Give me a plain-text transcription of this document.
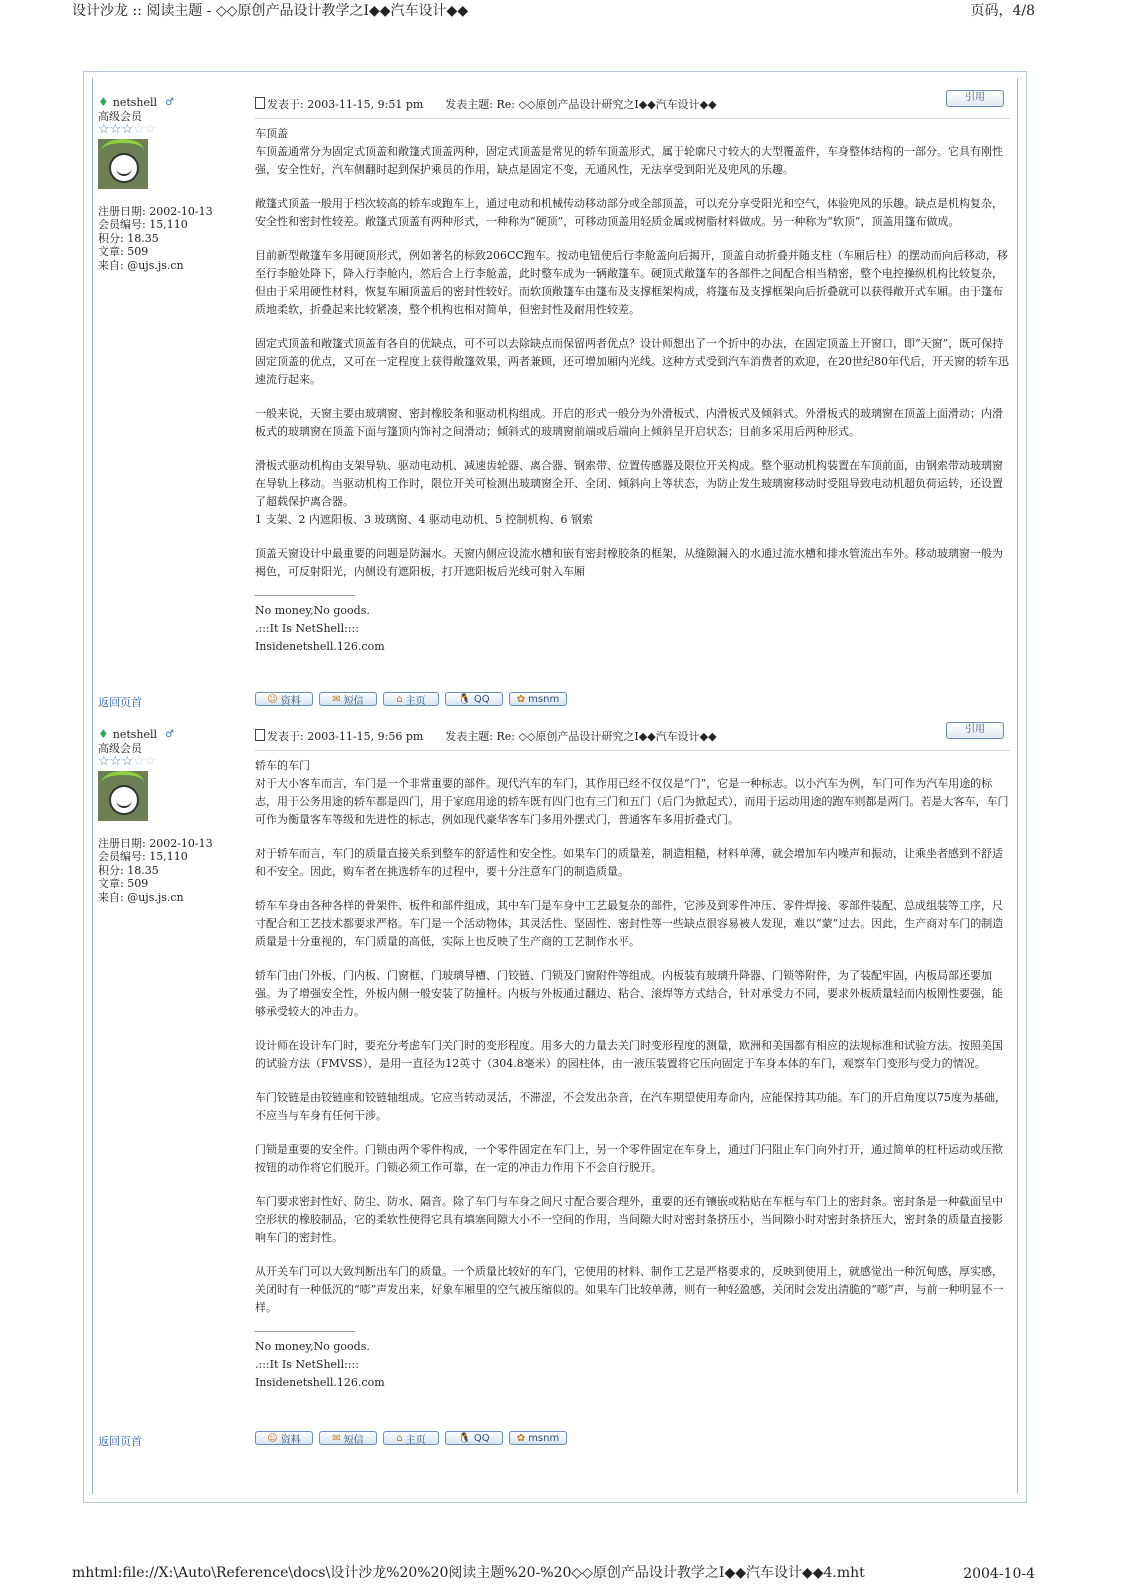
设计沙龙 :: 阅读主题 - ◇◇原创产品设计教学之Ⅰ◆◆汽车设计◆◆	页码，4/8
♦ netshell ♂
高级会员
☆☆☆☆☆
注册日期: 2002-10-13
会员编号: 15,110
积分: 18.35
文章: 509
来自: @ujs.js.cn
发表于: 2003-11-15, 9:51 pm 发表主题: Re: ◇◇原创产品设计研究之Ⅰ◆◆汽车设计◆◆
引用

车顶盖

车顶盖通常分为固定式顶盖和敞篷式顶盖两种，固定式顶盖是常见的轿车顶盖形式，属于轮廓尺寸较大的大型覆盖件，车身整体结构的一部分。它具有刚性强，安全性好，汽车侧翻时起到保护乘员的作用，缺点是固定不变，无通风性，无法享受到阳光及兜风的乐趣。

敞篷式顶盖一般用于档次较高的轿车或跑车上，通过电动和机械传动移动部分或全部顶盖，可以充分享受阳光和空气，体验兜风的乐趣。缺点是机构复杂，安全性和密封性较差。敞篷式顶盖有两种形式，一种称为“硬顶”，可移动顶盖用轻质金属或树脂材料做成。另一种称为“软顶”，顶盖用篷布做成。

目前新型敞篷车多用硬顶形式，例如著名的标致206CC跑车。按动电钮使后行李舱盖向后揭开，顶盖自动折叠并随支柱（车厢后柱）的摆动而向后移动，移至行李舱处降下，降入行李舱内，然后合上行李舱盖，此时整车成为一辆敞篷车。硬顶式敞篷车的各部件之间配合相当精密，整个电控操纵机构比较复杂，但由于采用硬性材料，恢复车厢顶盖后的密封性较好。而软顶敞篷车由篷布及支撑框架构成，将篷布及支撑框架向后折叠就可以获得敞开式车厢。由于篷布质地柔软，折叠起来比较紧凑，整个机构也相对简单，但密封性及耐用性较差。

固定式顶盖和敞篷式顶盖有各自的优缺点，可不可以去除缺点而保留两者优点？设计师想出了一个折中的办法，在固定顶盖上开窗口，即“天窗”，既可保持固定顶盖的优点，又可在一定程度上获得敞篷效果，两者兼顾，还可增加厢内光线。这种方式受到汽车消费者的欢迎，在20世纪80年代后，开天窗的轿车迅速流行起来。

一般来说，天窗主要由玻璃窗、密封橡胶条和驱动机构组成。开启的形式一般分为外滑板式、内滑板式及倾斜式。外滑板式的玻璃窗在顶盖上面滑动；内滑板式的玻璃窗在顶盖下面与篷顶内饰衬之间滑动；倾斜式的玻璃窗前端或后端向上倾斜呈开启状态；目前多采用后两种形式。

滑板式驱动机构由支架导轨、驱动电动机、减速齿轮器、离合器、钢索带、位置传感器及限位开关构成。整个驱动机构装置在车顶前面，由钢索带动玻璃窗在导轨上移动。当驱动机构工作时，限位开关可检测出玻璃窗全开、全闭、倾斜向上等状态，为防止发生玻璃窗移动时受阻导致电动机超负荷运转，还设置了超载保护离合器。
1 支架、2 内遮阳板、3 玻璃窗、4 驱动电动机、5 控制机构、6 钢索

顶盖天窗设计中最重要的问题是防漏水。天窗内侧应设流水槽和嵌有密封橡胶条的框架，从缝隙漏入的水通过流水槽和排水管流出车外。移动玻璃窗一般为褐色，可反射阳光，内侧设有遮阳板，打开遮阳板后光线可射入车厢

No money,No goods.
.:::It Is NetShell::::
Insidenetshell.126.com
返回页首	☺ 资料	✉ 短信	⌂ 主页	🐧 QQ	✿ msnm
♦ netshell ♂
高级会员
☆☆☆☆☆
注册日期: 2002-10-13
会员编号: 15,110
积分: 18.35
文章: 509
来自: @ujs.js.cn
发表于: 2003-11-15, 9:56 pm 发表主题: Re: ◇◇原创产品设计研究之Ⅰ◆◆汽车设计◆◆
引用

轿车的车门

对于大小客车而言，车门是一个非常重要的部件。现代汽车的车门，其作用已经不仅仅是“门”，它是一种标志。以小汽车为例，车门可作为汽车用途的标志，用于公务用途的轿车都是四门，用于家庭用途的轿车既有四门也有三门和五门（后门为掀起式），而用于运动用途的跑车则都是两门。若是大客车，车门可作为衡量客车等级和先进性的标志，例如现代豪华客车门多用外摆式门，普通客车多用折叠式门。

对于轿车而言，车门的质量直接关系到整车的舒适性和安全性。如果车门的质量差，制造粗糙，材料单薄，就会增加车内噪声和振动，让乘坐者感到不舒适和不安全。因此，购车者在挑选轿车的过程中，要十分注意车门的制造质量。

轿车车身由各种各样的骨架件、板件和部件组成，其中车门是车身中工艺最复杂的部件，它涉及到零件冲压、零件焊接、零部件装配、总成组装等工序，尺寸配合和工艺技术都要求严格。车门是一个活动物体，其灵活性、坚固性、密封性等一些缺点很容易被人发现，难以“蒙”过去。因此，生产商对车门的制造质量是十分重视的，车门质量的高低，实际上也反映了生产商的工艺制作水平。

轿车门由门外板、门内板、门窗框、门玻璃导槽、门铰链、门锁及门窗附件等组成。内板装有玻璃升降器、门锁等附件，为了装配牢固，内板局部还要加强。为了增强安全性，外板内侧一般安装了防撞杆。内板与外板通过翻边、粘合、滚焊等方式结合，针对承受力不同，要求外板质量轻而内板刚性要强，能够承受较大的冲击力。

设计师在设计车门时，要充分考虑车门关门时的变形程度。用多大的力量去关门时变形程度的测量，欧洲和美国都有相应的法规标准和试验方法。按照美国的试验方法（FMVSS），是用一直径为12英寸（304.8毫米）的园柱体，由一液压装置将它压向固定于车身本体的车门，观察车门变形与受力的情况。

车门铰链是由铰链座和铰链轴组成。它应当转动灵活，不滞涩，不会发出杂音，在汽车期望使用寿命内，应能保持其功能。车门的开启角度以75度为基础，不应当与车身有任何干涉。

门锁是重要的安全件。门锁由两个零件构成，一个零件固定在车门上，另一个零件固定在车身上，通过门闩阻止车门向外打开，通过简单的杠杆运动或压揿按钮的动作将它们脱开。门锁必须工作可靠，在一定的冲击力作用下不会自行脱开。

车门要求密封性好、防尘、防水、隔音。除了车门与车身之间尺寸配合要合理外，重要的还有镶嵌或粘贴在车框与车门上的密封条。密封条是一种截面呈中空形状的橡胶制品，它的柔软性使得它具有填塞间隙大小不一空间的作用，当间隙大时对密封条挤压小，当间隙小时对密封条挤压大，密封条的质量直接影响车门的密封性。

从开关车门可以大致判断出车门的质量。一个质量比较好的车门，它使用的材料、制作工艺是严格要求的，反映到使用上，就感觉出一种沉甸感，厚实感，关闭时有一种低沉的“嘭”声发出来，好象车厢里的空气被压缩似的。如果车门比较单薄，则有一种轻盈感，关闭时会发出清脆的“嘭”声，与前一种明显不一样。

No money,No goods.
.:::It Is NetShell::::
Insidenetshell.126.com
返回页首	☺ 资料	✉ 短信	⌂ 主页	🐧 QQ	✿ msnm
mhtml:file://X:\Auto\Reference\docs\设计沙龙%20%20阅读主题%20-%20◇◇原创产品设计教学之Ⅰ◆◆汽车设计◆◆4.mht	2004-10-4
